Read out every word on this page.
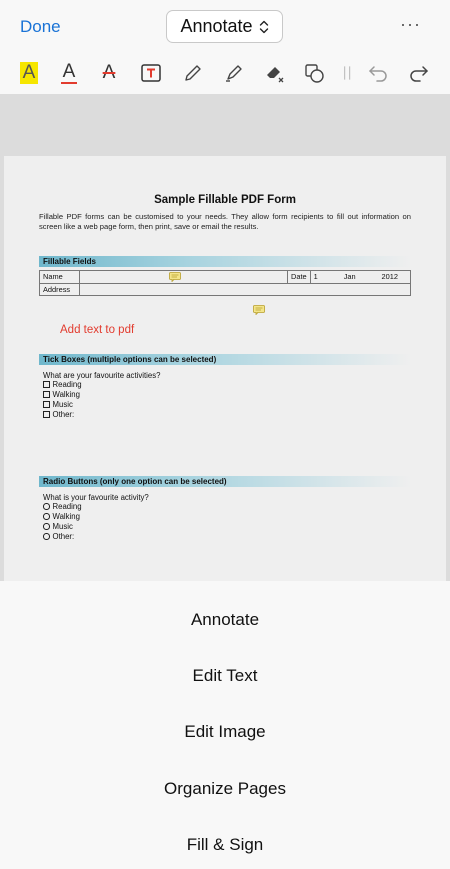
Done	Annotate	···
A A A
Sample Fillable PDF Form
Fillable PDF forms can be customised to your needs. They allow form recipients to fill out information on screen like a web page form, then print, save or email the results.
Fillable Fields
Name		Date	1 Jan 2012

Address			
Add text to pdf
Tick Boxes (multiple options can be selected)
What are your favourite activities?
Reading
Walking
Music
Other:
Radio Buttons (only one option can be selected)
What is your favourite activity?
Reading
Walking
Music
Other:
Annotate
Edit Text
Edit Image
Organize Pages
Fill & Sign
